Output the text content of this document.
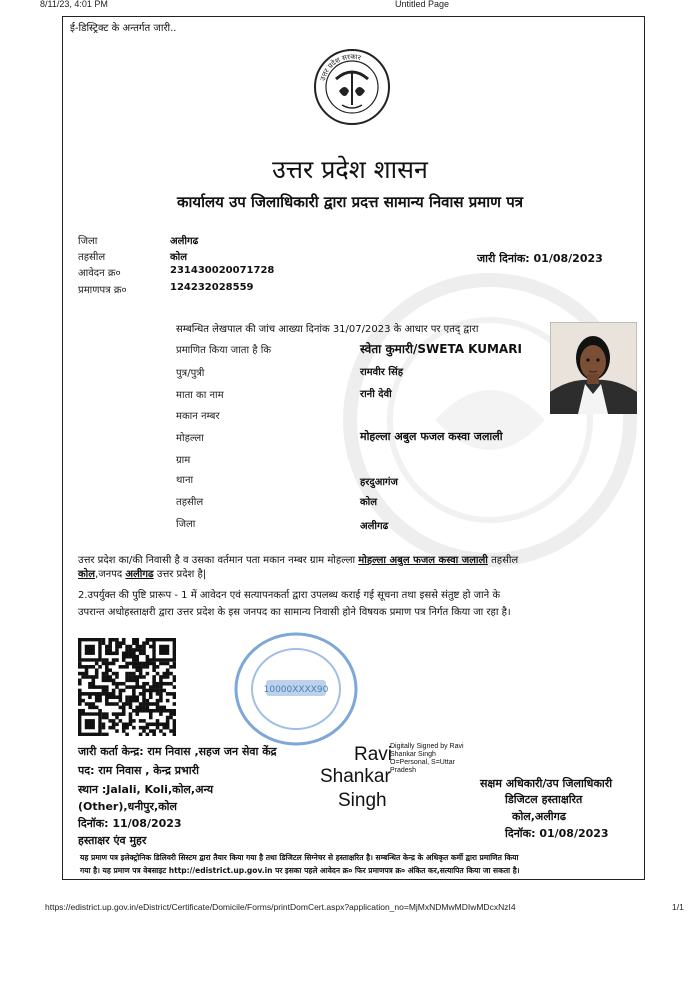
8/11/23, 4:01 PM	Untitled Page
ई-डिस्ट्रिक्ट के अन्तर्गत जारी..
उत्तर प्रदेश सरकार
उत्तर प्रदेश शासन
कार्यालय उप जिलाधिकारी द्वारा प्रदत्त सामान्य निवास प्रमाण पत्र
जिला	अलीगढ
तहसील	कोल
आवेदन क्र०	231430020071728
प्रमाणपत्र क्र०	124232028559
जारी दिनांक: 01/08/2023
सम्बन्धित लेखपाल की जांच आख्या दिनांक 31/07/2023 के आधार पर एतद् द्वारा
प्रमाणित किया जाता है कि	स्वेता कुमारी/SWETA KUMARI
पुत्र/पुत्री	रामवीर सिंह
माता का नाम	रानी देवी
मकान नम्बर
मोहल्ला	मोहल्ला अबुल फजल कस्वा जलाली
ग्राम
थाना	हरदुआगंज
तहसील	कोल
जिला	अलीगढ
उत्तर प्रदेश का/की निवासी है व उसका वर्तमान पता मकान नम्बर ग्राम मोहल्ला मोहल्ला अबुल फजल कस्वा जलाली तहसील
कोल,जनपद अलीगढ उत्तर प्रदेश है|
2.उपर्युक्त की पुष्टि प्रारूप - 1 में आवेदन एवं सत्यापनकर्ता द्वारा उपलब्ध कराई गई सूचना तथा इससे संतुष्ट हो जाने के
उपरान्त अधोहस्ताक्षरी द्वारा उत्तर प्रदेश के इस जनपद का सामान्य निवासी होने विषयक प्रमाण पत्र निर्गत किया जा रहा है।
10000XXXX90
जारी कर्ता केन्द्र: राम निवास ,सहज जन सेवा केंद्र
पद: राम निवास , केन्द्र प्रभारी
स्थान :Jalali, Koli,कोल,अन्य
(Other),धनीपुर,कोल
दिनॉक: 11/08/2023
हस्ताक्षर एंव मुहर
Ravi
Shankar
Singh
Digitally Signed by Ravi
Shankar Singh
O=Personal, S=Uttar
Pradesh
सक्षम अधिकारी/उप जिलाधिकारी
डिजिटल हस्ताक्षरित
कोल,अलीगढ
दिनॉक: 01/08/2023
यह प्रमाण पत्र इलेक्ट्रोनिक डिलिवरी सिस्टम द्वारा तैयार किया गया है तथा डिजिटल सिग्नेचर से हस्ताक्षरित है। सम्बन्धित केन्द्र के अधिकृत कर्मी द्वारा प्रमाणित किया
गया है। यह प्रमाण पत्र वेबसाइट http://edistrict.up.gov.in पर इसका पहले आवेदन क्र० फिर प्रमाणपत्र क्र० अंकित कर,सत्यापित किया जा सकता है।
https://edistrict.up.gov.in/eDistrict/Certificate/Domicile/Forms/printDomCert.aspx?application_no=MjMxNDMwMDIwMDcxNzI4	1/1
